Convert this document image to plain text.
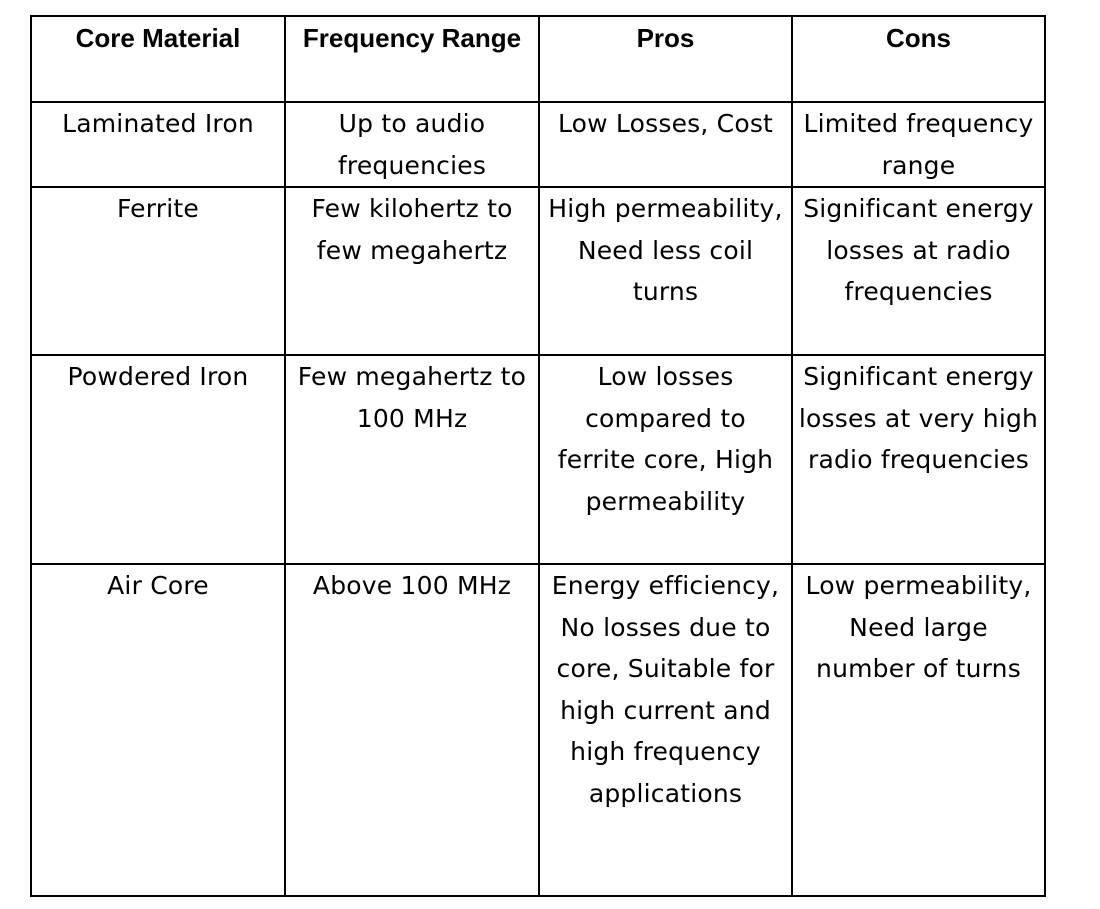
Core Material	Frequency Range	Pros	Cons
Laminated Iron	Up to audio frequencies	Low Losses, Cost	Limited frequency range
Ferrite	Few kilohertz to few megahertz	High permeability, Need less coil turns	Significant energy losses at radio frequencies
Powdered Iron	Few megahertz to 100 MHz	Low losses compared to ferrite core, High permeability	Significant energy losses at very high radio frequencies
Air Core	Above 100 MHz	Energy efficiency, No losses due to core, Suitable for high current and high frequency applications	Low permeability, Need large number of turns
